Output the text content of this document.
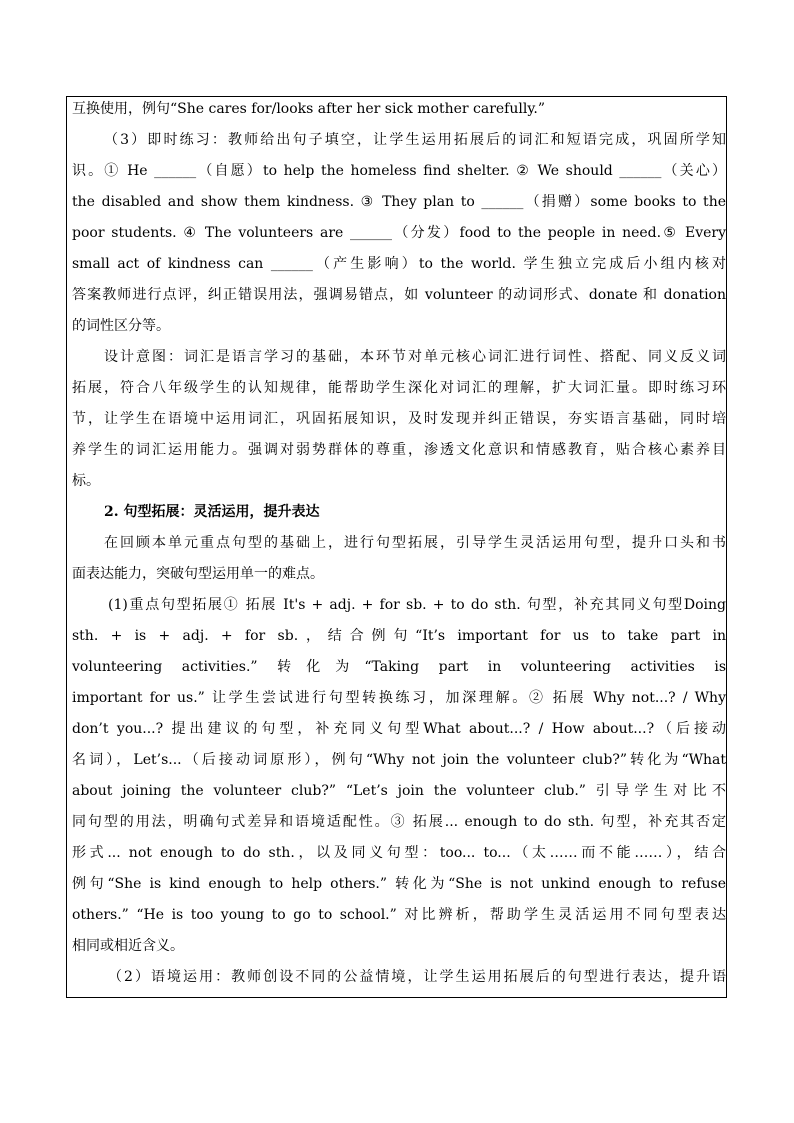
互换使用，例句“She cares for/looks after her sick mother carefully.”
（3）即时练习：教师给出句子填空，让学生运用拓展后的词汇和短语完成，巩固所学知
识。① He ______（自愿）to help the homeless find shelter. ② We should ______（关心）
the disabled and show them kindness. ③ They plan to ______（捐赠）some books to the
poor students. ④ The volunteers are ______（分发）food to the people in need.⑤ Every
small act of kindness can ______（产生影响）to the world. 学生独立完成后小组内核对
答案教师进行点评，纠正错误用法，强调易错点，如 volunteer 的动词形式、donate 和 donation
的词性区分等。
设计意图：词汇是语言学习的基础，本环节对单元核心词汇进行词性、搭配、同义反义词
拓展，符合八年级学生的认知规律，能帮助学生深化对词汇的理解，扩大词汇量。即时练习环
节，让学生在语境中运用词汇，巩固拓展知识，及时发现并纠正错误，夯实语言基础，同时培
养学生的词汇运用能力。强调对弱势群体的尊重，渗透文化意识和情感教育，贴合核心素养目
标。
2. 句型拓展：灵活运用，提升表达
在回顾本单元重点句型的基础上，进行句型拓展，引导学生灵活运用句型，提升口头和书
面表达能力，突破句型运用单一的难点。
(1)重点句型拓展① 拓展 It's + adj. + for sb. + to do sth. 句型，补充其同义句型Doing
sth. + is + adj. + for sb.，结合例句“It’s important for us to take part in
volunteering activities.” 转化为“Taking part in volunteering activities is
important for us.” 让学生尝试进行句型转换练习，加深理解。② 拓展 Why not...? / Why
don’t you...? 提出建议的句型，补充同义句型What about...? / How about...?（后接动
名词），Let’s...（后接动词原形），例句“Why not join the volunteer club?”转化为“What
about joining the volunteer club?” “Let’s join the volunteer club.” 引导学生对比不
同句型的用法，明确句式差异和语境适配性。③ 拓展... enough to do sth. 句型，补充其否定
形式... not enough to do sth.，以及同义句型：too... to...（太……而不能……），结合
例句“She is kind enough to help others.” 转化为“She is not unkind enough to refuse
others.” “He is too young to go to school.” 对比辨析，帮助学生灵活运用不同句型表达
相同或相近含义。
（2）语境运用：教师创设不同的公益情境，让学生运用拓展后的句型进行表达，提升语
